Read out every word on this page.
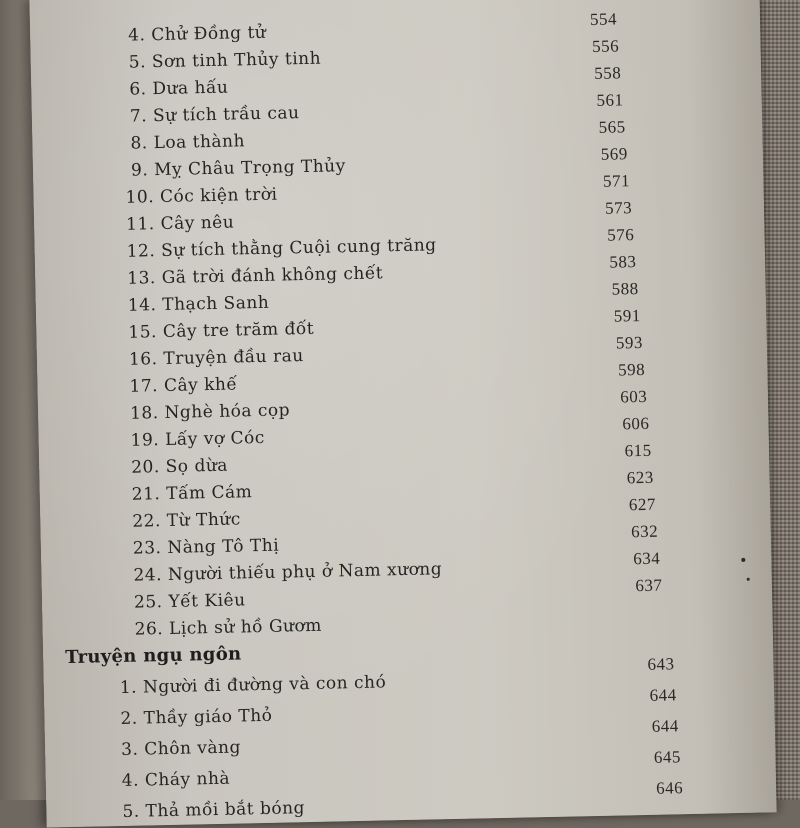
4. Chử Đồng tử
554
5. Sơn tinh Thủy tinh
556
6. Dưa hấu
558
7. Sự tích trầu cau
561
8. Loa thành
565
9. Mỵ Châu Trọng Thủy
569
10. Cóc kiện trời
571
11. Cây nêu
573
12. Sự tích thằng Cuội cung trăng
576
13. Gã trời đánh không chết
583
14. Thạch Sanh
588
15. Cây tre trăm đốt
591
16. Truyện đầu rau
593
17. Cây khế
598
18. Nghè hóa cọp
603
19. Lấy vợ Cóc
606
20. Sọ dừa
615
21. Tấm Cám
623
22. Từ Thức
627
23. Nàng Tô Thị
632
24. Người thiếu phụ ở Nam xương
634
25. Yết Kiêu
637
26. Lịch sử hồ Gươm
Truyện ngụ ngôn
1. Người đi đường và con chó
643
2. Thầy giáo Thỏ
644
3. Chôn vàng
644
4. Cháy nhà
645
5. Thả mồi bắt bóng
646
